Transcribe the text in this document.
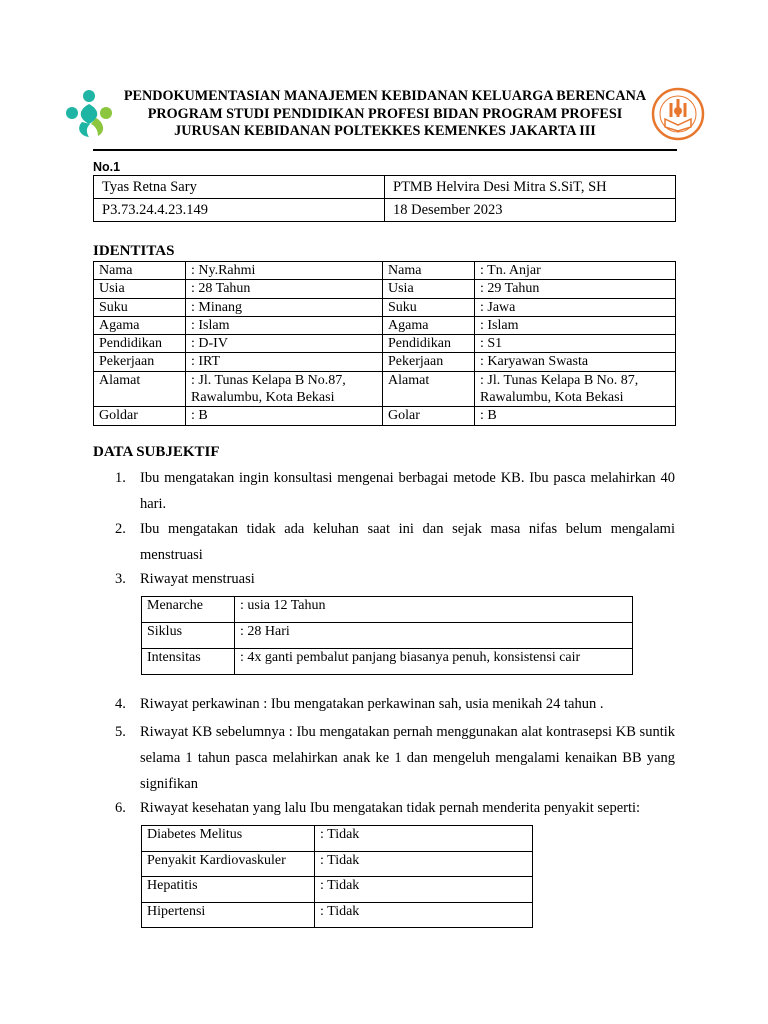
PENDOKUMENTASIAN MANAJEMEN KEBIDANAN KELUARGA BERENCANA
PROGRAM STUDI PENDIDIKAN PROFESI BIDAN PROGRAM PROFESI
JURUSAN KEBIDANAN POLTEKKES KEMENKES JAKARTA III
No.1
Tyas Retna Sary	PTMB Helvira Desi Mitra S.SiT, SH
P3.73.24.4.23.149	18 Desember 2023
IDENTITAS
Nama	: Ny.Rahmi	Nama	: Tn. Anjar
Usia	: 28 Tahun	Usia	: 29 Tahun
Suku	: Minang	Suku	: Jawa
Agama	: Islam	Agama	: Islam
Pendidikan	: D-IV	Pendidikan	: S1
Pekerjaan	: IRT	Pekerjaan	: Karyawan Swasta
Alamat	: Jl. Tunas Kelapa B No.87, Rawalumbu, Kota Bekasi	Alamat	: Jl. Tunas Kelapa B No. 87, Rawalumbu, Kota Bekasi
Goldar	: B	Golar	: B
DATA SUBJEKTIF
1. Ibu mengatakan ingin konsultasi mengenai berbagai metode KB. Ibu pasca melahirkan 40 hari.
2. Ibu mengatakan tidak ada keluhan saat ini dan sejak masa nifas belum mengalami menstruasi
3. Riwayat menstruasi
Menarche	: usia 12 Tahun
Siklus	: 28 Hari
Intensitas	: 4x ganti pembalut panjang biasanya penuh, konsistensi cair
4. Riwayat perkawinan : Ibu mengatakan perkawinan sah, usia menikah 24 tahun .
5. Riwayat KB sebelumnya : Ibu mengatakan pernah menggunakan alat kontrasepsi KB suntik selama 1 tahun pasca melahirkan anak ke 1 dan mengeluh mengalami kenaikan BB yang signifikan
6. Riwayat kesehatan yang lalu Ibu mengatakan tidak pernah menderita penyakit seperti:
Diabetes Melitus	: Tidak
Penyakit Kardiovaskuler	: Tidak
Hepatitis	: Tidak
Hipertensi	: Tidak
